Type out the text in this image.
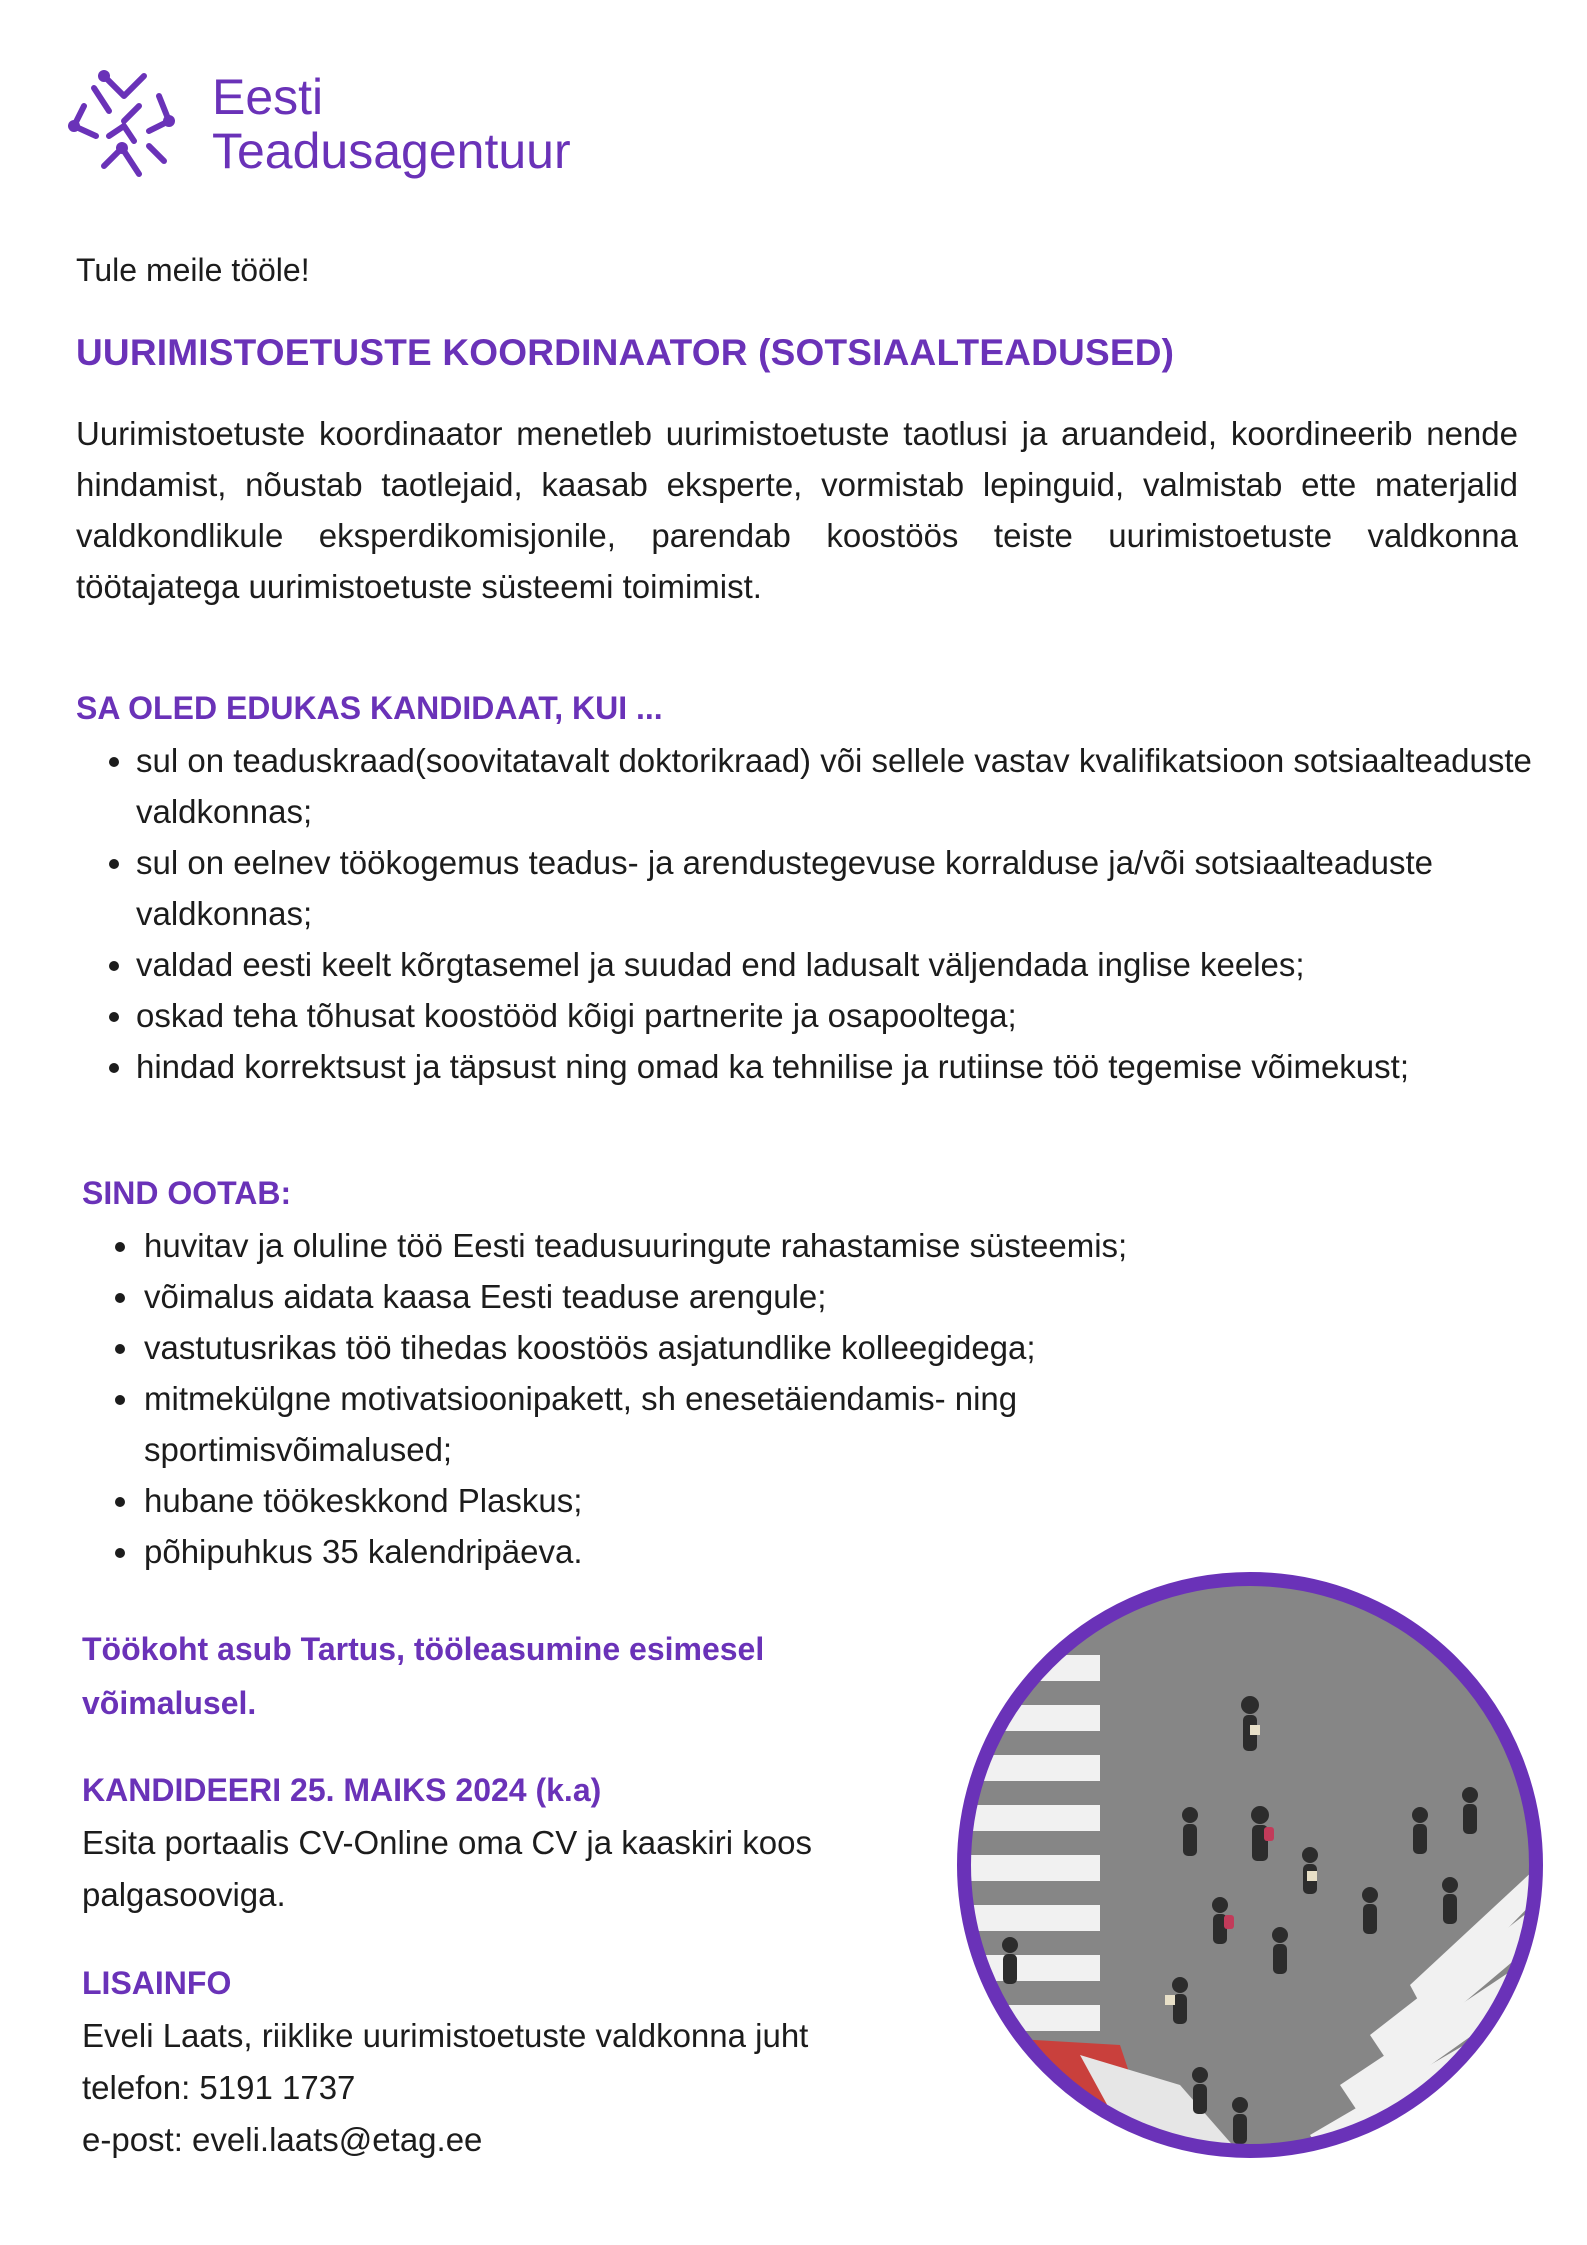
Eesti
Teadusagentuur
Tule meile tööle!
UURIMISTOETUSTE KOORDINAATOR (SOTSIAALTEADUSED)
Uurimistoetuste koordinaator menetleb uurimistoetuste taotlusi ja aruandeid, koordineerib nende hindamist, nõustab taotlejaid, kaasab eksperte, vormistab lepinguid, valmistab ette materjalid valdkondlikule eksperdikomisjonile, parendab koostöös teiste uurimistoetuste valdkonna töötajatega uurimistoetuste süsteemi toimimist.
SA OLED EDUKAS KANDIDAAT, KUI ...
sul on teaduskraad(soovitatavalt doktorikraad) või sellele vastav kvalifikatsioon sotsiaalteaduste valdkonnas;
sul on eelnev töökogemus teadus- ja arendustegevuse korralduse ja/või sotsiaalteaduste valdkonnas;
valdad eesti keelt kõrgtasemel ja suudad end ladusalt väljendada inglise keeles;
oskad teha tõhusat koostööd kõigi partnerite ja osapooltega;
hindad korrektsust ja täpsust ning omad ka tehnilise ja rutiinse töö tegemise võimekust;
SIND OOTAB:
huvitav ja oluline töö Eesti teadusuuringute rahastamise süsteemis;
võimalus aidata kaasa Eesti teaduse arengule;
vastutusrikas töö tihedas koostöös asjatundlike kolleegidega;
mitmekülgne motivatsioonipakett, sh enesetäiendamis- ning sportimisvõimalused;
hubane töökeskkond Plaskus;
põhipuhkus 35 kalendripäeva.
Töökoht asub Tartus, tööleasumine esimesel võimalusel.
KANDIDEERI 25. MAIKS 2024 (k.a)

Esita portaalis CV-Online oma CV ja kaaskiri koos palgasooviga.

LISAINFO
Eveli Laats, riiklike uurimistoetuste valdkonna juht
telefon: 5191 1737
e-post: eveli.laats@etag.ee
